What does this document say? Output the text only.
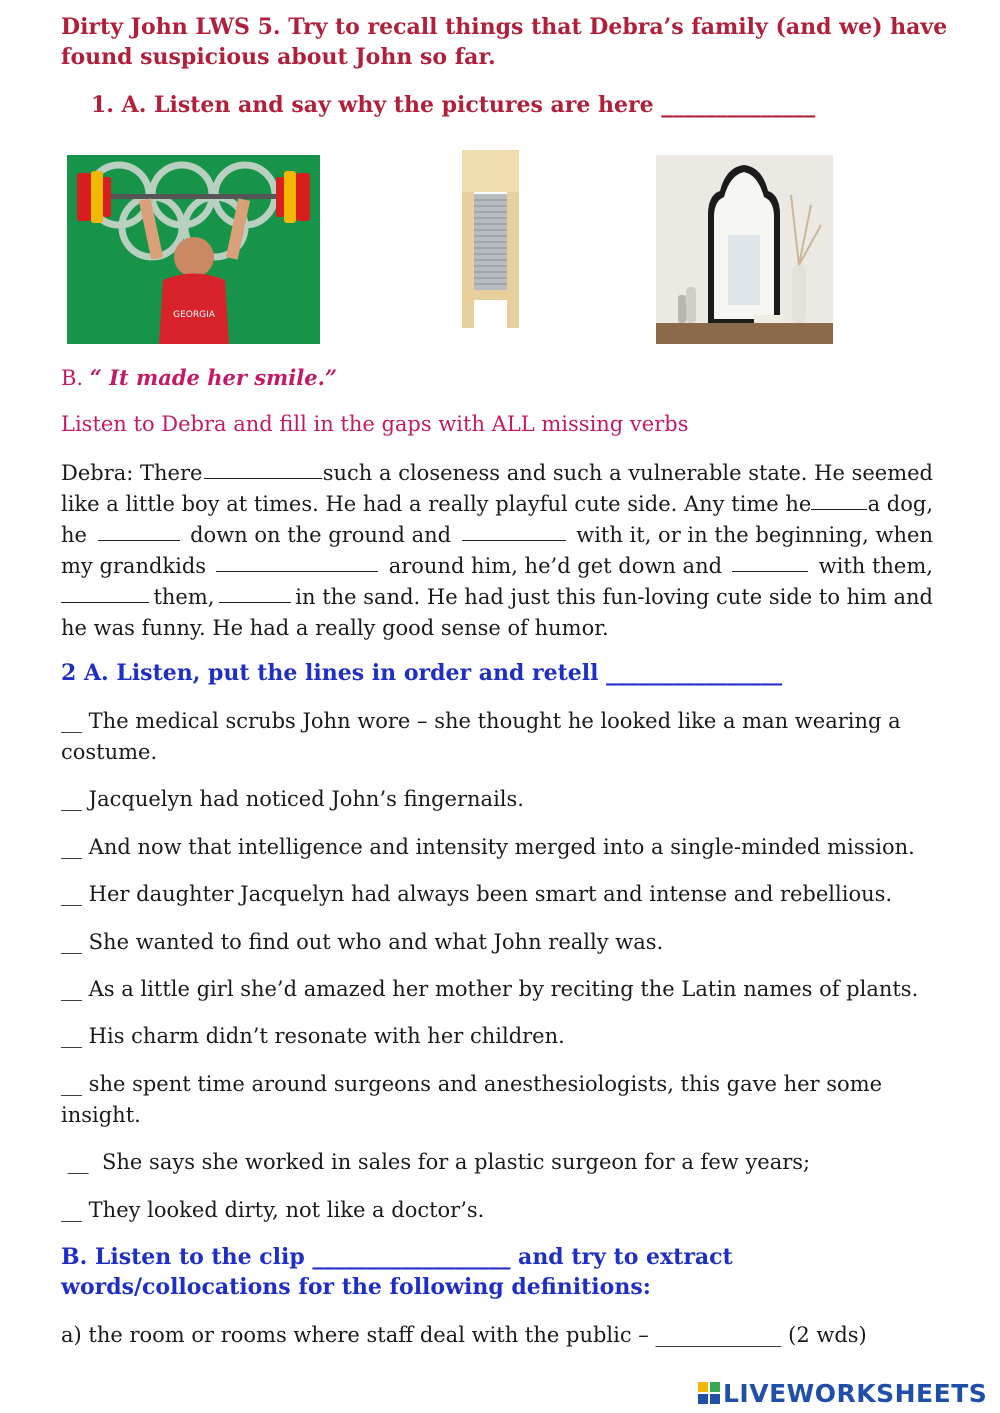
Dirty John LWS 5. Try to recall things that Debra’s family (and we) have
found suspicious about John so far.
1. A. Listen and say why the pictures are here ______________
GEORGIA
B. “ It made her smile.”
Listen to Debra and fill in the gaps with ALL missing verbs
Debra: There	such a closeness and such a vulnerable state. He seemed
like a little boy at times. He had a really playful cute side. Any time he	a dog,
he	down on the ground and	with it, or in the beginning, when
my grandkids	around him, he’d get down and	with them,
them,	in the sand. He had just this fun-loving cute side to him and
he was funny. He had a really good sense of humor.
2 A. Listen, put the lines in order and retell ________________
__ The medical scrubs John wore – she thought he looked like a man wearing a
costume.
__ Jacquelyn had noticed John’s fingernails.
__ And now that intelligence and intensity merged into a single-minded mission.
__ Her daughter Jacquelyn had always been smart and intense and rebellious.
__ She wanted to find out who and what John really was.
__ As a little girl she’d amazed her mother by reciting the Latin names of plants.
__ His charm didn’t resonate with her children.
__ she spent time around surgeons and anesthesiologists, this gave her some
insight.
__  She says she worked in sales for a plastic surgeon for a few years;
__ They looked dirty, not like a doctor’s.
B. Listen to the clip __________________ and try to extract
words/collocations for the following definitions:
a) the room or rooms where staff deal with the public – ____________ (2 wds)
LIVEWORKSHEETS
